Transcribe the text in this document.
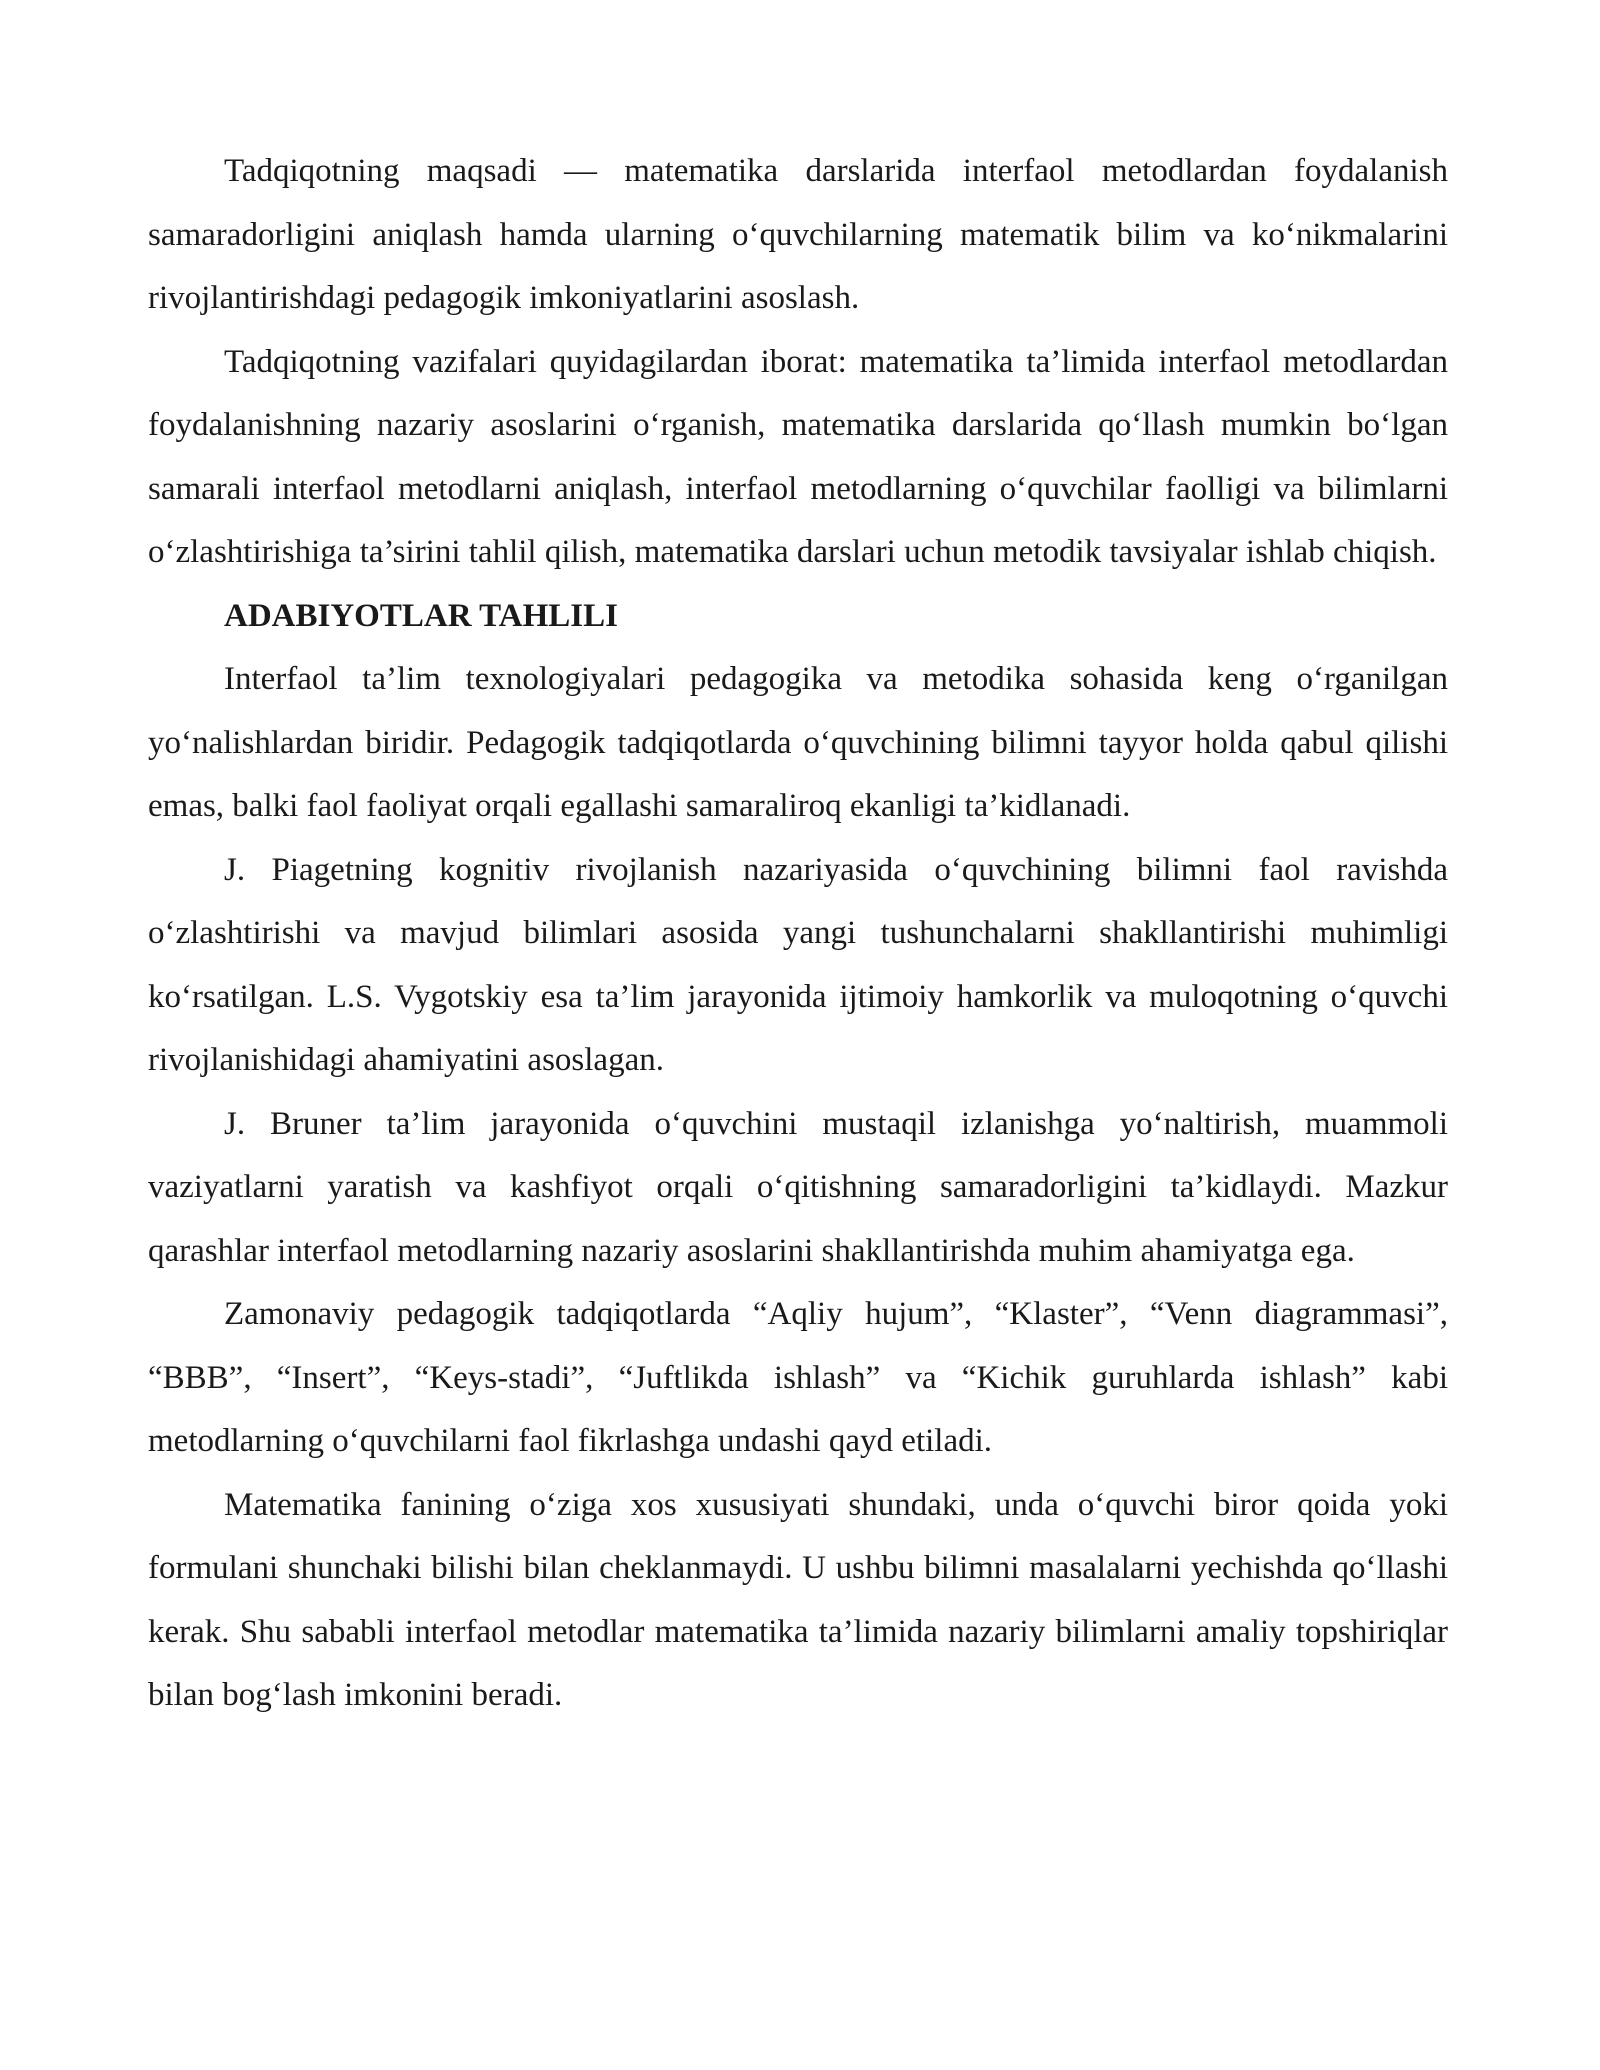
Tadqiqotning maqsadi — matematika darslarida interfaol metodlardan foydalanish samaradorligini aniqlash hamda ularning o‘quvchilarning matematik bilim va ko‘nikmalarini rivojlantirishdagi pedagogik imkoniyatlarini asoslash.

Tadqiqotning vazifalari quyidagilardan iborat: matematika ta’limida interfaol metodlardan foydalanishning nazariy asoslarini o‘rganish, matematika darslarida qo‘llash mumkin bo‘lgan samarali interfaol metodlarni aniqlash, interfaol metodlarning o‘quvchilar faolligi va bilimlarni o‘zlashtirishiga ta’sirini tahlil qilish, matematika darslari uchun metodik tavsiyalar ishlab chiqish.

ADABIYOTLAR TAHLILI

Interfaol ta’lim texnologiyalari pedagogika va metodika sohasida keng o‘rganilgan yo‘nalishlardan biridir. Pedagogik tadqiqotlarda o‘quvchining bilimni tayyor holda qabul qilishi emas, balki faol faoliyat orqali egallashi samaraliroq ekanligi ta’kidlanadi.

J. Piagetning kognitiv rivojlanish nazariyasida o‘quvchining bilimni faol ravishda o‘zlashtirishi va mavjud bilimlari asosida yangi tushunchalarni shakllantirishi muhimligi ko‘rsatilgan. L.S. Vygotskiy esa ta’lim jarayonida ijtimoiy hamkorlik va muloqotning o‘quvchi rivojlanishidagi ahamiyatini asoslagan.

J. Bruner ta’lim jarayonida o‘quvchini mustaqil izlanishga yo‘naltirish, muammoli vaziyatlarni yaratish va kashfiyot orqali o‘qitishning samaradorligini ta’kidlaydi. Mazkur qarashlar interfaol metodlarning nazariy asoslarini shakllantirishda muhim ahamiyatga ega.

Zamonaviy pedagogik tadqiqotlarda “Aqliy hujum”, “Klaster”, “Venn diagrammasi”, “BBB”, “Insert”, “Keys-stadi”, “Juftlikda ishlash” va “Kichik guruhlarda ishlash” kabi metodlarning o‘quvchilarni faol fikrlashga undashi qayd etiladi.

Matematika fanining o‘ziga xos xususiyati shundaki, unda o‘quvchi biror qoida yoki formulani shunchaki bilishi bilan cheklanmaydi. U ushbu bilimni masalalarni yechishda qo‘llashi kerak. Shu sababli interfaol metodlar matematika ta’limida nazariy bilimlarni amaliy topshiriqlar bilan bog‘lash imkonini beradi.
